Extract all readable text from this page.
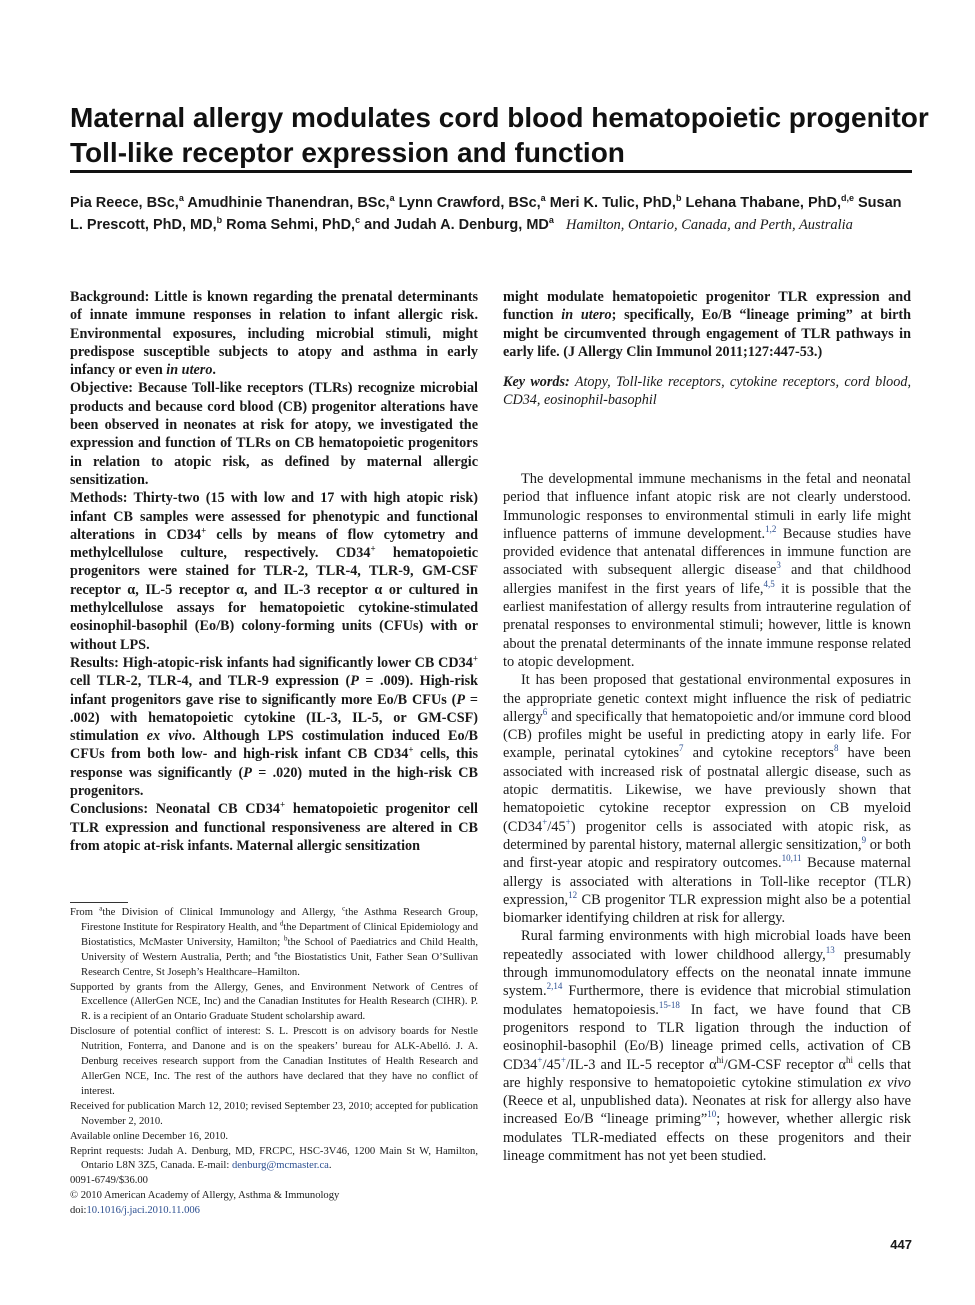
Maternal allergy modulates cord blood hematopoietic progenitor Toll-like receptor expression and function
Pia Reece, BSc,$^a$ Amudhinie Thanendran, BSc,$^a$ Lynn Crawford, BSc,$^a$ Meri K. Tulic, PhD,$^b$ Lehana Thabane, PhD,$^{d,e}$ Susan L. Prescott, PhD, MD,$^b$ Roma Sehmi, PhD,$^c$ and Judah A. Denburg, $MD^a$ Hamilton, Ontario, Canada, and Perth, Australia
Background: Little is known regarding the prenatal determinants of innate immune responses in relation to infant allergic risk. Environmental exposures, including microbial stimuli, might predispose susceptible subjects to atopy and asthma in early infancy or even in utero.
Objective: Because Toll-like receptors (TLRs) recognize microbial products and because cord blood (CB) progenitor alterations have been observed in neonates at risk for atopy, we investigated the expression and function of TLRs on CB hematopoietic progenitors in relation to atopic risk, as defined by maternal allergic sensitization.
Methods: Thirty-two (15 with low and 17 with high atopic risk) infant CB samples were assessed for phenotypic and functional alterations in CD34+ cells by means of flow cytometry and methylcellulose culture, respectively. CD34+ hematopoietic progenitors were stained for TLR-2, TLR-4, TLR-9, GM-CSF receptor α, IL-5 receptor α, and IL-3 receptor α or cultured in methylcellulose assays for hematopoietic cytokine-stimulated eosinophil-basophil (Eo/B) colony-forming units (CFUs) with or without LPS.
Results: High-atopic-risk infants had significantly lower CB CD34+ cell TLR-2, TLR-4, and TLR-9 expression (P = .009). High-risk infant progenitors gave rise to significantly more Eo/B CFUs (P = .002) with hematopoietic cytokine (IL-3, IL-5, or GM-CSF) stimulation ex vivo. Although LPS costimulation induced Eo/B CFUs from both low- and high-risk infant CB CD34+ cells, this response was significantly (P = .020) muted in the high-risk CB progenitors.
Conclusions: Neonatal CB CD34+ hematopoietic progenitor cell TLR expression and functional responsiveness are altered in CB from atopic at-risk infants. Maternal allergic sensitization
might modulate hematopoietic progenitor TLR expression and function in utero; specifically, Eo/B “lineage priming” at birth might be circumvented through engagement of TLR pathways in early life. (J Allergy Clin Immunol 2011;127:447-53.)
Key words: Atopy, Toll-like receptors, cytokine receptors, cord blood, CD34, eosinophil-basophil

The developmental immune mechanisms in the fetal and neonatal period that influence infant atopic risk are not clearly understood. Immunologic responses to environmental stimuli in early life might influence patterns of immune development.$^{1,2}$ Because studies have provided evidence that antenatal differences in immune function are associated with subsequent allergic disease$^3$ and that childhood allergies manifest in the first years of life,$^{4,5}$ it is possible that the earliest manifestation of allergy results from intrauterine regulation of prenatal responses to environmental stimuli; however, little is known about the prenatal determinants of the innate immune response related to atopic development.

It has been proposed that gestational environmental exposures in the appropriate genetic context might influence the risk of pediatric allergy$^6$ and specifically that hematopoietic and/or immune cord blood (CB) profiles might be useful in predicting atopy in early life. For example, perinatal cytokines$^7$ and cytokine receptors$^8$ have been associated with increased risk of postnatal allergic disease, such as atopic dermatitis. Likewise, we have previously shown that hematopoietic cytokine receptor expression on CB myeloid (CD34+/45+) progenitor cells is associated with atopic risk, as determined by parental history, maternal allergic sensitization,$^9$ or both and first-year atopic and respiratory outcomes.$^{10,11}$ Because maternal allergy is associated with alterations in Toll-like receptor (TLR) expression,$^{12}$ CB progenitor TLR expression might also be a potential biomarker identifying children at risk for allergy.

Rural farming environments with high microbial loads have been repeatedly associated with lower childhood allergy,$^{13}$ presumably through immunomodulatory effects on the neonatal innate immune system.$^{2,14}$ Furthermore, there is evidence that microbial stimulation modulates hematopoiesis.$^{15-18}$ In fact, we have found that CB progenitors respond to TLR ligation through the induction of eosinophil-basophil (Eo/B) lineage primed cells, activation of CB CD34+/45+/IL-3 and IL-5 receptor $\alpha^{hi}/GM$-CSF receptor $\alpha^{hi}$ cells that are highly responsive to hematopoietic cytokine stimulation ex vivo (Reece et al, unpublished data). Neonates at risk for allergy also have increased Eo/B “lineage priming”$^{10}$; however, whether allergic risk modulates TLR-mediated effects on these progenitors and their lineage commitment has not yet been studied.

From $^a$the Division of Clinical Immunology and Allergy, $^c$the Asthma Research Group, Firestone Institute for Respiratory Health, and $^d$the Department of Clinical Epidemiology and Biostatistics, McMaster University, Hamilton; $^b$the School of Paediatrics and Child Health, University of Western Australia, Perth; and $^e$the Biostatistics Unit, Father Sean O’Sullivan Research Centre, St Joseph’s Healthcare–Hamilton.

Supported by grants from the Allergy, Genes, and Environment Network of Centres of Excellence (AllerGen NCE, Inc) and the Canadian Institutes for Health Research (CIHR). P. R. is a recipient of an Ontario Graduate Student scholarship award.

Disclosure of potential conflict of interest: S. L. Prescott is on advisory boards for Nestle Nutrition, Fonterra, and Danone and is on the speakers’ bureau for ALK-Abelló. J. A. Denburg receives research support from the Canadian Institutes of Health Research and AllerGen NCE, Inc. The rest of the authors have declared that they have no conflict of interest.

Received for publication March 12, 2010; revised September 23, 2010; accepted for publication November 2, 2010.

Available online December 16, 2010.

Reprint requests: Judah A. Denburg, MD, FRCPC, HSC-3V46, 1200 Main St W, Hamilton, Ontario L8N 3Z5, Canada. E-mail: denburg@mcmaster.ca.

0091-6749/$36.00

© 2010 American Academy of Allergy, Asthma & Immunology

doi:10.1016/j.jaci.2010.11.006

447
